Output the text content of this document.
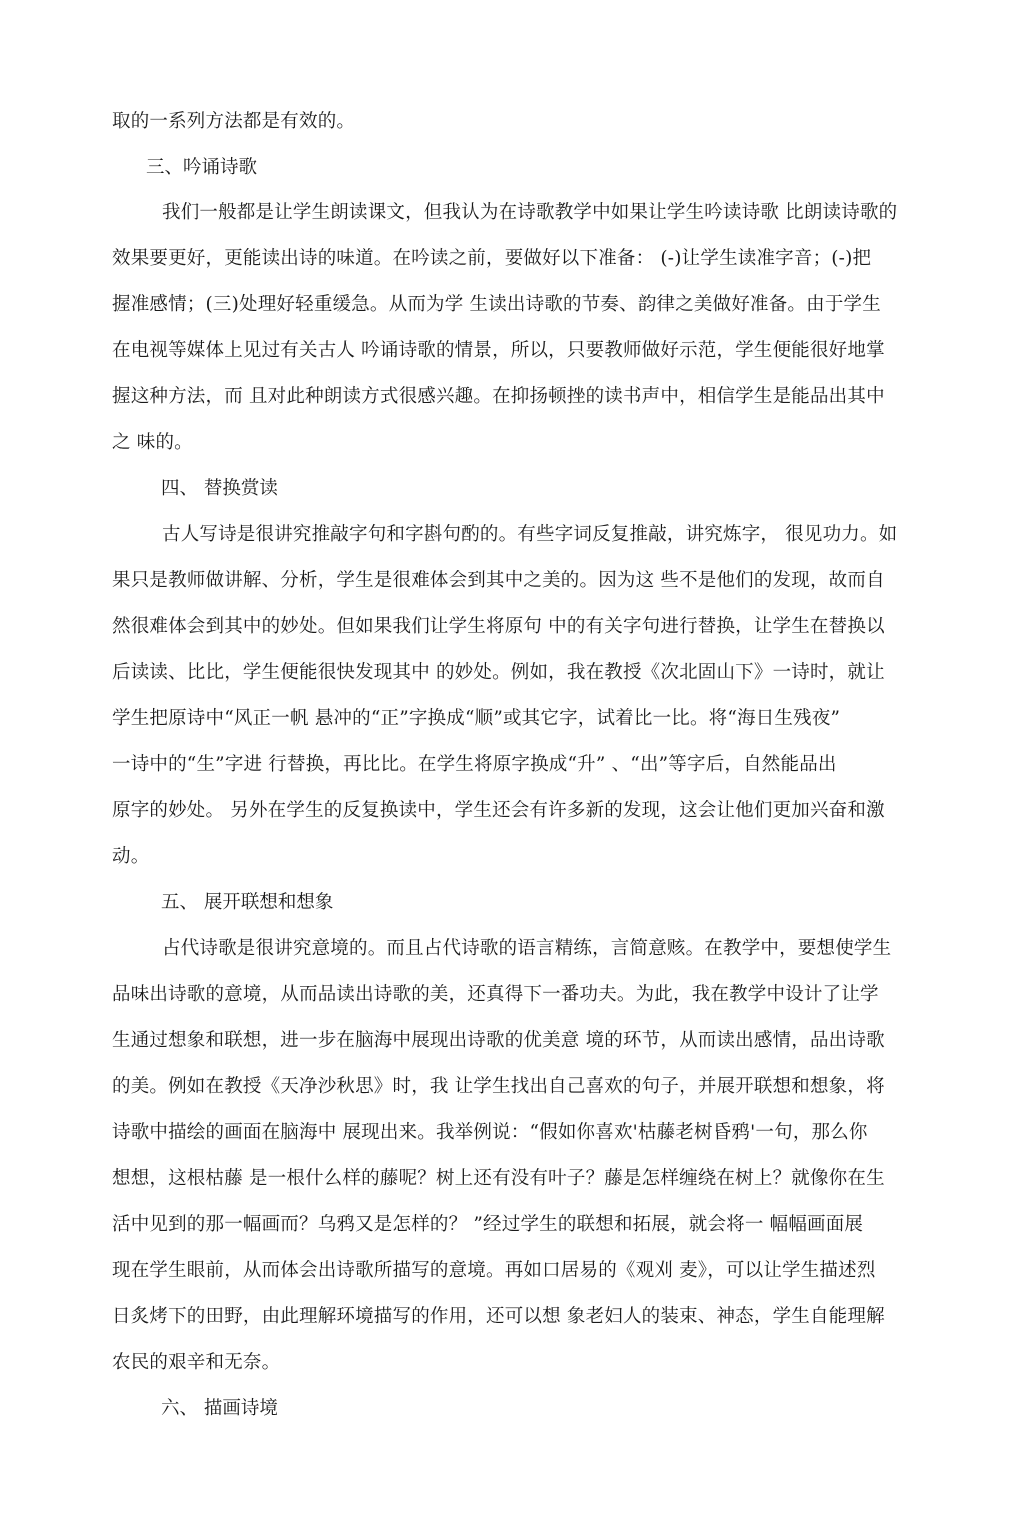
取的一系列方法都是有效的。
三、吟诵诗歌
我们一般都是让学生朗读课文，但我认为在诗歌教学中如果让学生吟读诗歌 比朗读诗歌的
效果要更好，更能读出诗的味道。在吟读之前，要做好以下准备： (-)让学生读准字音；(-)把
握准感情；(三)处理好轻重缓急。从而为学 生读出诗歌的节奏、韵律之美做好准备。由于学生
在电视等媒体上见过有关古人 吟诵诗歌的情景，所以，只要教师做好示范，学生便能很好地掌
握这种方法，而 且对此种朗读方式很感兴趣。在抑扬顿挫的读书声中，相信学生是能品出其中
之 味的。
四、 替换赏读
古人写诗是很讲究推敲字句和字斟句酌的。有些字词反复推敲，讲究炼字， 很见功力。如
果只是教师做讲解、分析，学生是很难体会到其中之美的。因为这 些不是他们的发现，故而自
然很难体会到其中的妙处。但如果我们让学生将原句 中的有关字句进行替换，让学生在替换以
后读读、比比，学生便能很快发现其中 的妙处。例如，我在教授《次北固山下》一诗时，就让
学生把原诗中“风正一帆 悬冲的“正”字换成“顺”或其它字，试着比一比。将“海日生残夜”
一诗中的“生”字进 行替换，再比比。在学生将原字换成“升” 、“出”等字后，自然能品出
原字的妙处。 另外在学生的反复换读中，学生还会有许多新的发现，这会让他们更加兴奋和激
动。
五、 展开联想和想象
占代诗歌是很讲究意境的。而且占代诗歌的语言精练，言简意赅。在教学中，要想使学生
品味出诗歌的意境，从而品读出诗歌的美，还真得下一番功夫。为此，我在教学中设计了让学
生通过想象和联想，进一步在脑海中展现出诗歌的优美意 境的环节，从而读出感情，品出诗歌
的美。例如在教授《天净沙秋思》时，我 让学生找出自己喜欢的句子，并展开联想和想象，将
诗歌中描绘的画面在脑海中 展现出来。我举例说：“假如你喜欢'枯藤老树昏鸦'一句，那么你
想想，这根枯藤 是一根什么样的藤呢？树上还有没有叶子？藤是怎样缠绕在树上？就像你在生
活中见到的那一幅画而？乌鸦又是怎样的？ ”经过学生的联想和拓展，就会将一 幅幅画面展
现在学生眼前，从而体会出诗歌所描写的意境。再如口居易的《观刈 麦》，可以让学生描述烈
日炙烤下的田野，由此理解环境描写的作用，还可以想 象老妇人的装束、神态，学生自能理解
农民的艰辛和无奈。
六、 描画诗境
